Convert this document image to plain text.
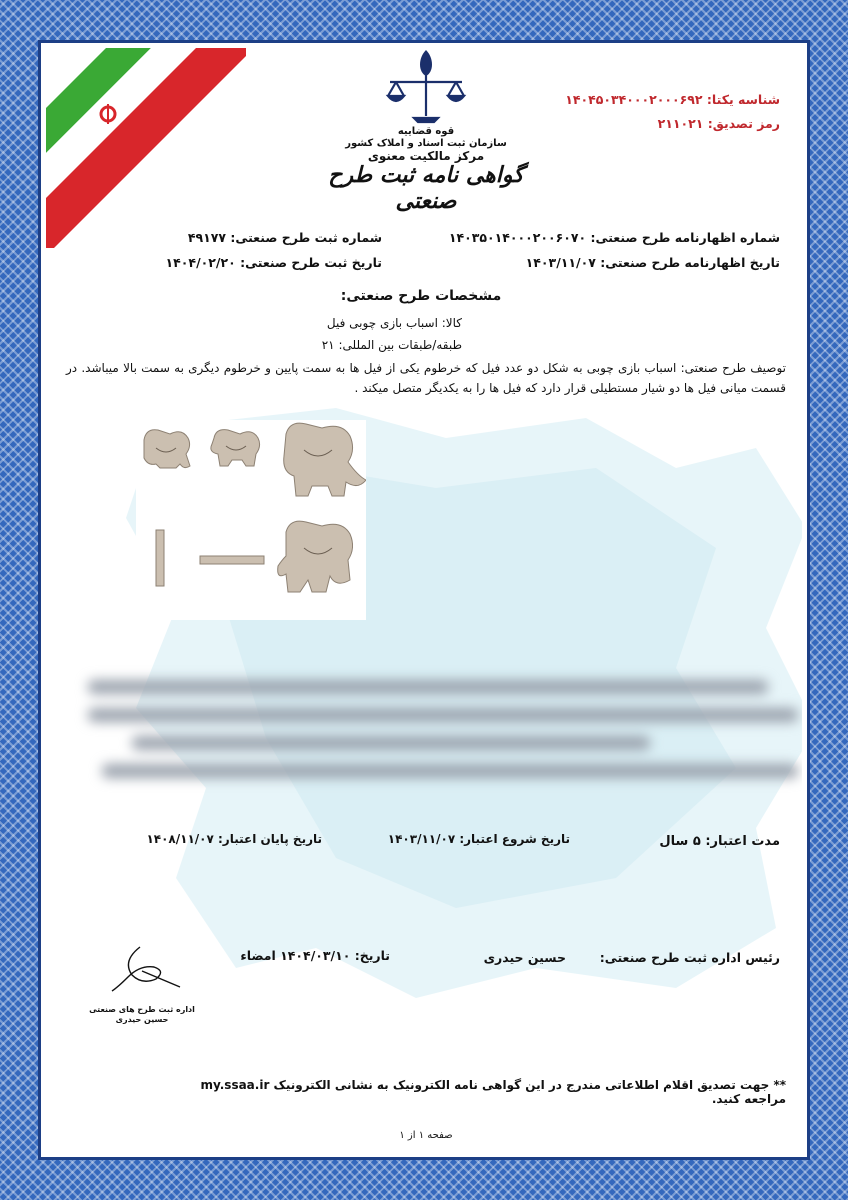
قوه قضاییه
سازمان ثبت اسناد و املاک کشور
مرکز مالکیت معنوی
گواهی نامه ثبت طرح صنعتی
شناسه یکتا: ۱۴۰۴۵۰۳۴۰۰۰۲۰۰۰۶۹۲
رمز تصدیق: ۲۱۱۰۲۱
شماره اظهارنامه طرح صنعتی: ۱۴۰۳۵۰۱۴۰۰۰۲۰۰۶۰۷۰
تاریخ اظهارنامه طرح صنعتی: ۱۴۰۳/۱۱/۰۷
شماره ثبت طرح صنعتی: ۴۹۱۷۷
تاریخ ثبت طرح صنعتی: ۱۴۰۴/۰۲/۲۰
مشخصات طرح صنعتی:
کالا: اسباب بازی چوبی فیل
طبقه/طبقات بین المللی: ۲۱
توصیف طرح صنعتی: اسباب بازی چوبی به شکل دو عدد فیل که خرطوم یکی از فیل ها به سمت پایین و خرطوم دیگری به سمت بالا میباشد. در قسمت میانی فیل ها دو شیار مستطیلی قرار دارد که فیل ها را به یکدیگر متصل میکند .
مدت اعتبار: ۵ سال
تاریخ شروع اعتبار: ۱۴۰۳/۱۱/۰۷
تاریخ پایان اعتبار: ۱۴۰۸/۱۱/۰۷
رئیس اداره ثبت طرح صنعتی:
حسین حیدری
تاریخ: ۱۴۰۴/۰۳/۱۰ امضاء
اداره ثبت طرح های صنعتی
حسین حیدری
** جهت تصدیق اقلام اطلاعاتی مندرج در این گواهی نامه الکترونیک به نشانی الکترونیک my.ssaa.ir مراجعه کنید.
صفحه ۱ از ۱
